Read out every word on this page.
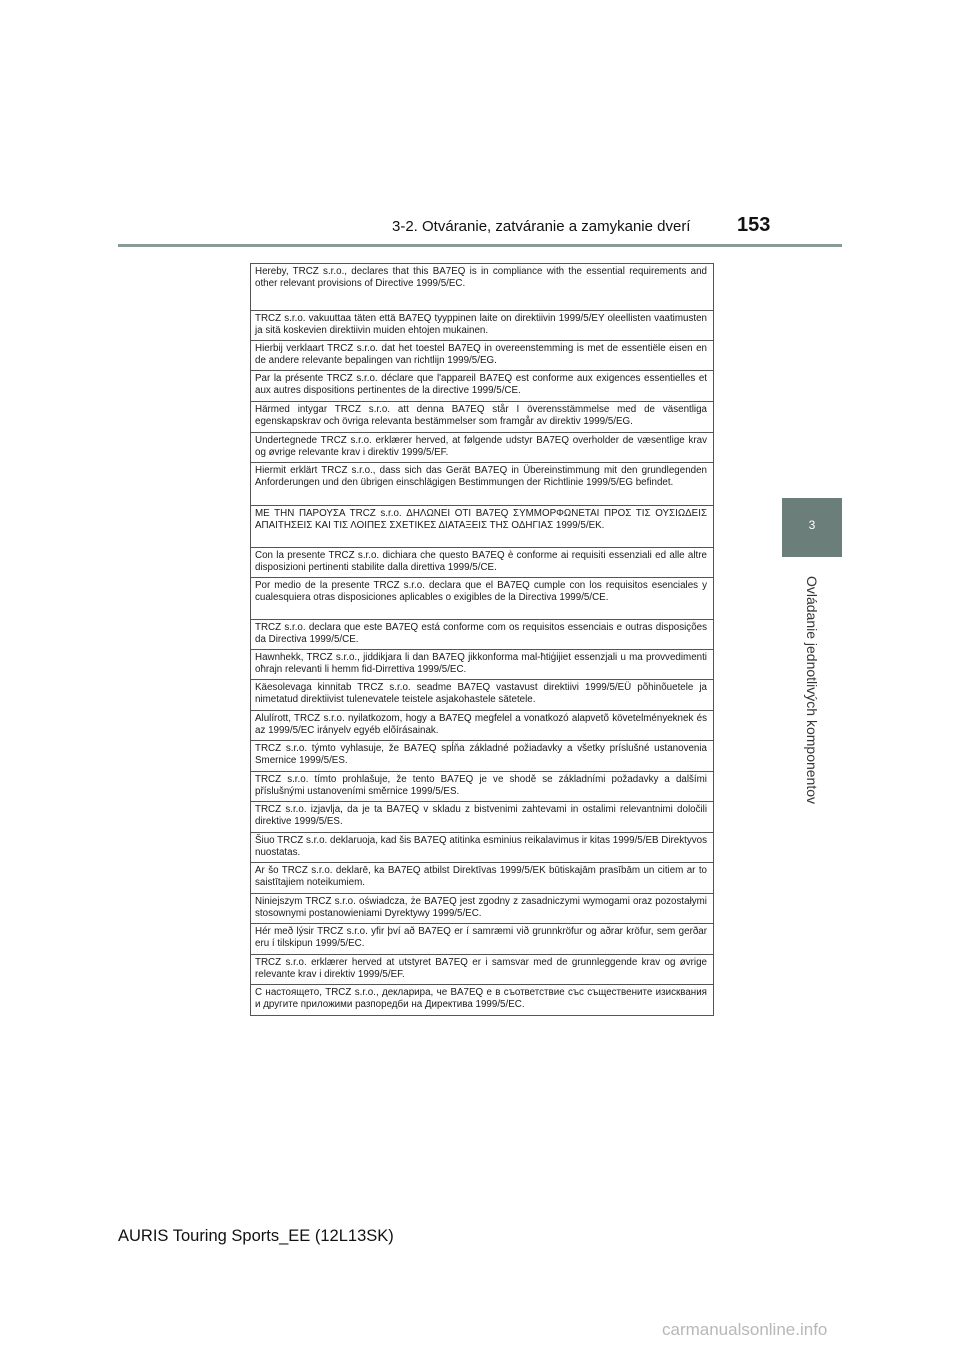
3-2. Otváranie, zatváranie a zamykanie dverí 153
3
Ovládanie jednotlivých komponentov
Hereby, TRCZ s.r.o., declares that this BA7EQ is in compliance with the essential requirements and other relevant provisions of Directive 1999/5/EC.
TRCZ s.r.o. vakuuttaa täten että BA7EQ tyyppinen laite on direktiivin 1999/5/EY oleellisten vaatimusten ja sitä koskevien direktiivin muiden ehtojen mukainen.
Hierbij verklaart TRCZ s.r.o. dat het toestel BA7EQ in overeenstemming is met de essentiële eisen en de andere relevante bepalingen van richtlijn 1999/5/EG.
Par la présente TRCZ s.r.o. déclare que l'appareil BA7EQ est conforme aux exigences essentielles et aux autres dispositions pertinentes de la directive 1999/5/CE.
Härmed intygar TRCZ s.r.o. att denna BA7EQ står I överensstämmelse med de väsentliga egenskapskrav och övriga relevanta bestämmelser som framgår av direktiv 1999/5/EG.
Undertegnede TRCZ s.r.o. erklærer herved, at følgende udstyr BA7EQ overholder de væsentlige krav og øvrige relevante krav i direktiv 1999/5/EF.
Hiermit erklärt TRCZ s.r.o., dass sich das Gerät BA7EQ in Übereinstimmung mit den grundlegenden Anforderungen und den übrigen einschlägigen Bestimmungen der Richtlinie 1999/5/EG befindet.
ΜΕ ΤΗΝ ΠΑΡΟΥΣΑ TRCZ s.r.o. ΔΗΛΩΝΕΙ ΟΤΙ BA7EQ ΣΥΜΜΟΡΦΩΝΕΤΑΙ ΠΡΟΣ ΤΙΣ ΟΥΣΙΩΔΕΙΣ ΑΠΑΙΤΗΣΕΙΣ ΚΑΙ ΤΙΣ ΛΟΙΠΕΣ ΣΧΕΤΙΚΕΣ ΔΙΑΤΑΞΕΙΣ ΤΗΣ ΟΔΗΓΙΑΣ 1999/5/EK.
Con la presente TRCZ s.r.o. dichiara che questo BA7EQ è conforme ai requisiti essenziali ed alle altre disposizioni pertinenti stabilite dalla direttiva 1999/5/CE.
Por medio de la presente TRCZ s.r.o. declara que el BA7EQ cumple con los requisitos esenciales y cualesquiera otras disposiciones aplicables o exigibles de la Directiva 1999/5/CE.
TRCZ s.r.o. declara que este BA7EQ está conforme com os requisitos essenciais e outras disposições da Directiva 1999/5/CE.
Hawnhekk, TRCZ s.r.o., jiddikjara li dan BA7EQ jikkonforma mal-ħtiġijiet essenzjali u ma provvedimenti oħrajn relevanti li hemm fid-Dirrettiva 1999/5/EC.
Käesolevaga kinnitab TRCZ s.r.o. seadme BA7EQ vastavust direktiivi 1999/5/EÜ põhinõuetele ja nimetatud direktiivist tulenevatele teistele asjakohastele sätetele.
Alulírott, TRCZ s.r.o. nyilatkozom, hogy a BA7EQ megfelel a vonatkozó alapvetõ követelményeknek és az 1999/5/EC irányelv egyéb elõírásainak.
TRCZ s.r.o. týmto vyhlasuje, že BA7EQ spĺňa základné požiadavky a všetky príslušné ustanovenia Smernice 1999/5/ES.
TRCZ s.r.o. tímto prohlašuje, že tento BA7EQ je ve shodě se základními požadavky a dalšími příslušnými ustanoveními směrnice 1999/5/ES.
TRCZ s.r.o. izjavlja, da je ta BA7EQ v skladu z bistvenimi zahtevami in ostalimi relevantnimi določili direktive 1999/5/ES.
Šiuo TRCZ s.r.o. deklaruoja, kad šis BA7EQ atitinka esminius reikalavimus ir kitas 1999/5/EB Direktyvos nuostatas.
Ar šo TRCZ s.r.o. deklarē, ka BA7EQ atbilst Direktīvas 1999/5/EK būtiskajām prasībām un citiem ar to saistītajiem noteikumiem.
Niniejszym TRCZ s.r.o. oświadcza, że BA7EQ jest zgodny z zasadniczymi wymogami oraz pozostałymi stosownymi postanowieniami Dyrektywy 1999/5/EC.
Hér með lýsir TRCZ s.r.o. yfir því að BA7EQ er í samræmi við grunnkröfur og aðrar kröfur, sem gerðar eru í tilskipun 1999/5/EC.
TRCZ s.r.o. erklærer herved at utstyret BA7EQ er i samsvar med de grunnleggende krav og øvrige relevante krav i direktiv 1999/5/EF.
С настоящето, TRCZ s.r.o., декларира, че BA7EQ е в съответствие със съществените изисквания и другите приложими разпоредби на Директива 1999/5/ЕС.
AURIS Touring Sports_EE (12L13SK)
carmanualsonline.info
